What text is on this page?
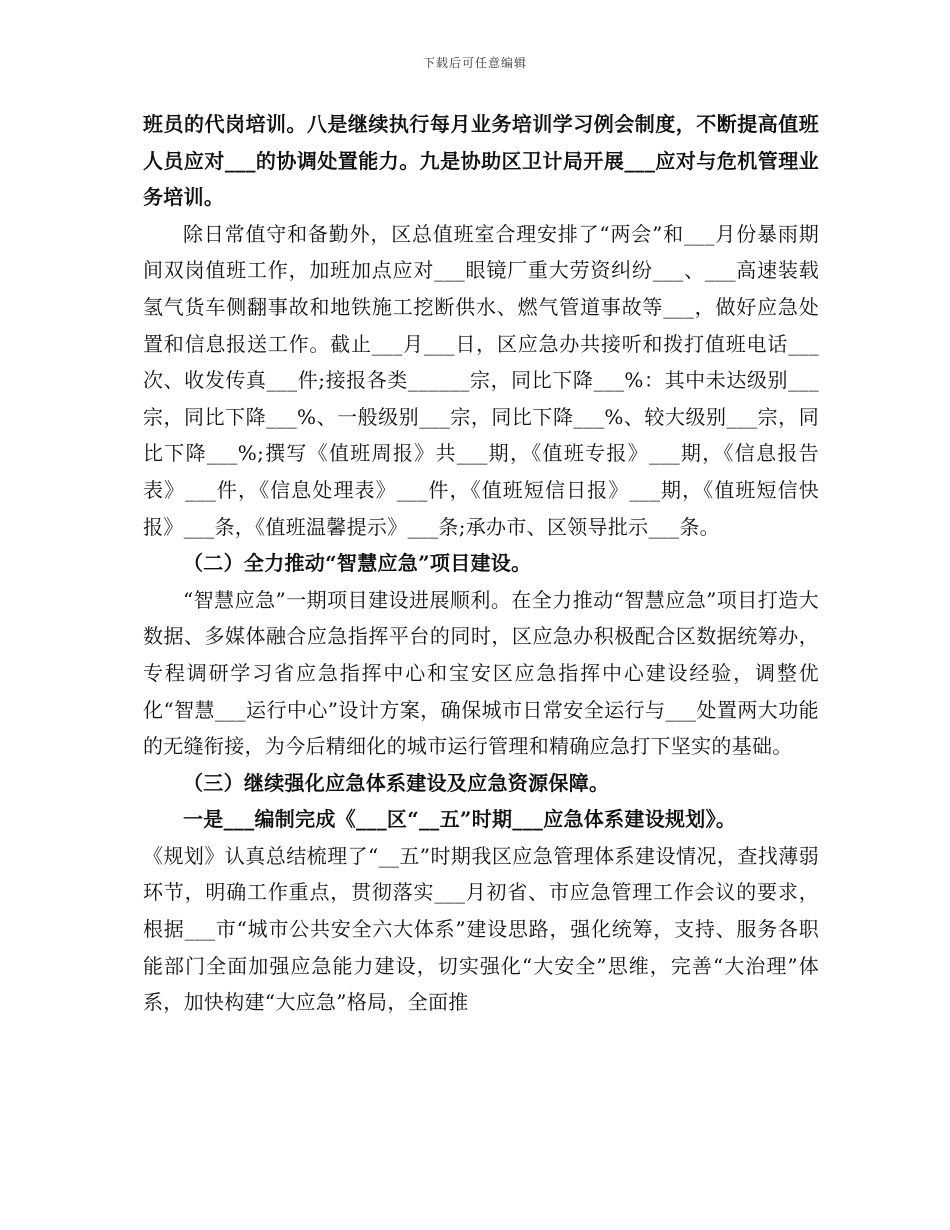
下载后可任意编辑

班员的代岗培训。八是继续执行每月业务培训学习例会制度，不断提高值班人员应对___的协调处置能力。九是协助区卫计局开展___应对与危机管理业务培训。

除日常值守和备勤外，区总值班室合理安排了“两会”和___月份暴雨期间双岗值班工作，加班加点应对___眼镜厂重大劳资纠纷___、___高速装载氢气货车侧翻事故和地铁施工挖断供水、燃气管道事故等___，做好应急处置和信息报送工作。截止___月___日，区应急办共接听和拨打值班电话___次、收发传真___件;接报各类______宗，同比下降___%：其中未达级别___宗，同比下降___%、一般级别___宗，同比下降___%、较大级别___宗，同比下降___%;撰写《值班周报》共___期，《值班专报》___期，《信息报告表》___件，《信息处理表》___件，《值班短信日报》___期，《值班短信快报》___条，《值班温馨提示》___条;承办市、区领导批示___条。

（二）全力推动“智慧应急”项目建设。

“智慧应急”一期项目建设进展顺利。在全力推动“智慧应急”项目打造大数据、多媒体融合应急指挥平台的同时，区应急办积极配合区数据统筹办，专程调研学习省应急指挥中心和宝安区应急指挥中心建设经验，调整优化“智慧___运行中心”设计方案，确保城市日常安全运行与___处置两大功能的无缝衔接，为今后精细化的城市运行管理和精确应急打下坚实的基础。

（三）继续强化应急体系建设及应急资源保障。

一是___编制完成《___区“__五”时期___应急体系建设规划》。

《规划》认真总结梳理了“__五”时期我区应急管理体系建设情况，查找薄弱环节，明确工作重点，贯彻落实___月初省、市应急管理工作会议的要求，根据___市“城市公共安全六大体系”建设思路，强化统筹，支持、服务各职能部门全面加强应急能力建设，切实强化“大安全”思维，完善“大治理”体系，加快构建“大应急”格局，全面推
